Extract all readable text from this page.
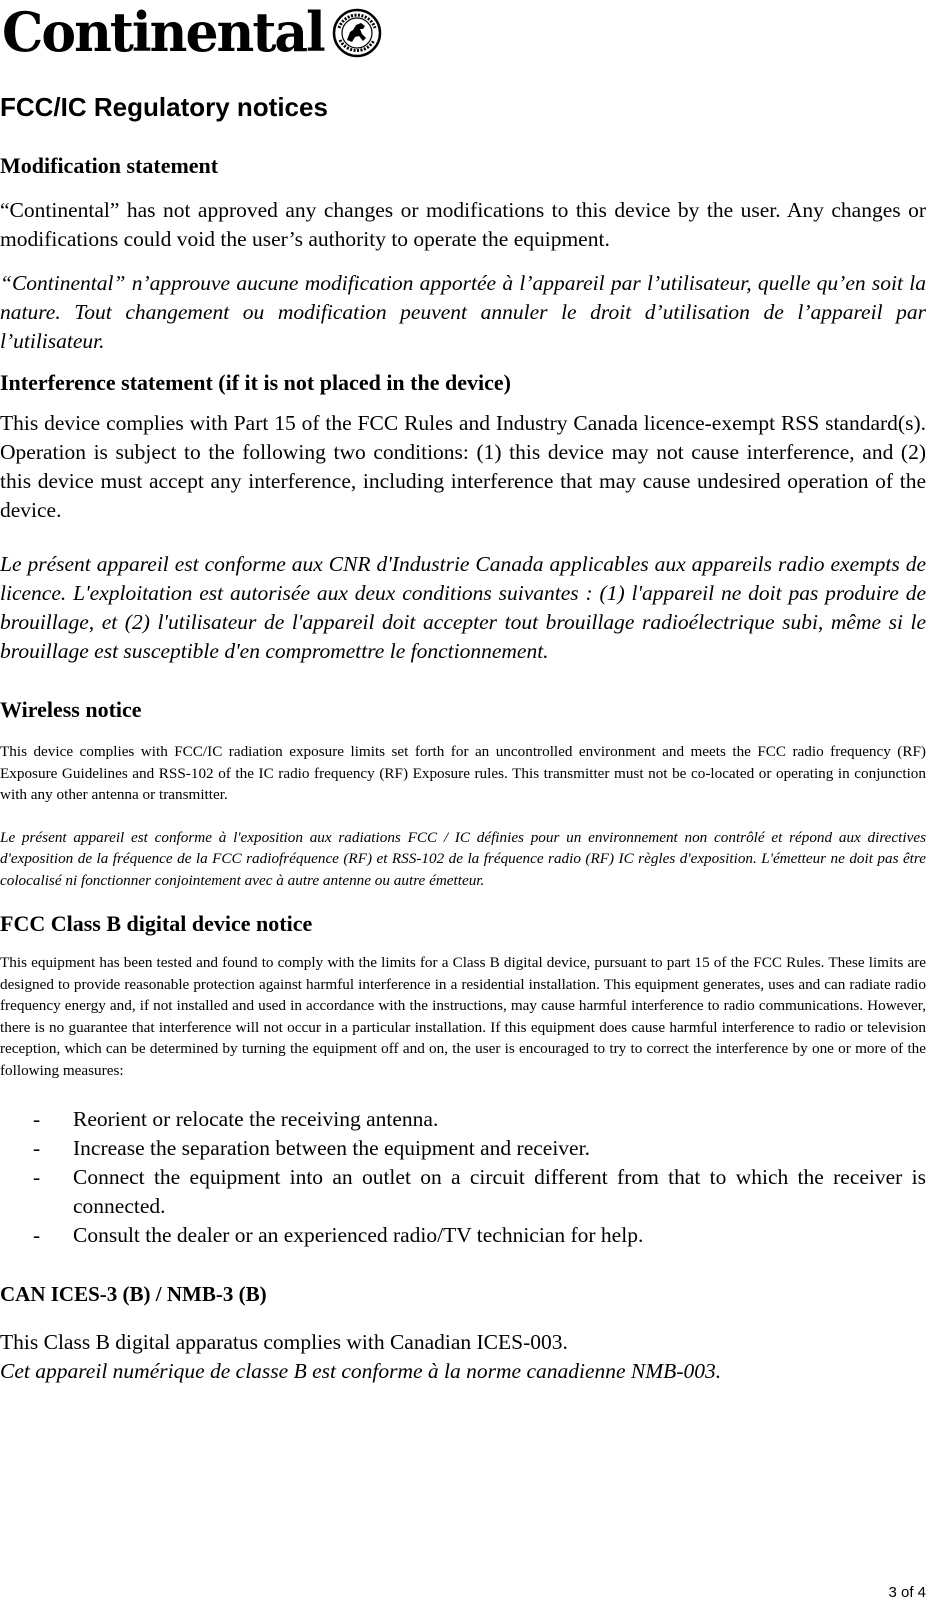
Continental
FCC/IC Regulatory notices
Modification statement

“Continental” has not approved any changes or modifications to this device by the user. Any changes or modifications could void the user’s authority to operate the equipment.

“Continental” n’approuve aucune modification apportée à l’appareil par l’utilisateur, quelle qu’en soit la nature. Tout changement ou modification peuvent annuler le droit d’utilisation de l’appareil par l’utilisateur.

Interference statement (if it is not placed in the device)

This device complies with Part 15 of the FCC Rules and Industry Canada licence-exempt RSS standard(s). Operation is subject to the following two conditions: (1) this device may not cause interference, and (2) this device must accept any interference, including interference that may cause undesired operation of the device.

Le présent appareil est conforme aux CNR d'Industrie Canada applicables aux appareils radio exempts de licence. L'exploitation est autorisée aux deux conditions suivantes : (1) l'appareil ne doit pas produire de brouillage, et (2) l'utilisateur de l'appareil doit accepter tout brouillage radioélectrique subi, même si le brouillage est susceptible d'en compromettre le fonctionnement.

Wireless notice

This device complies with FCC/IC radiation exposure limits set forth for an uncontrolled environment and meets the FCC radio frequency (RF) Exposure Guidelines and RSS-102 of the IC radio frequency (RF) Exposure rules. This transmitter must not be co-located or operating in conjunction with any other antenna or transmitter.

Le présent appareil est conforme à l'exposition aux radiations FCC / IC définies pour un environnement non contrôlé et répond aux directives d'exposition de la fréquence de la FCC radiofréquence (RF) et RSS-102 de la fréquence radio (RF) IC règles d'exposition. L'émetteur ne doit pas être colocalisé ni fonctionner conjointement avec à autre antenne ou autre émetteur.

FCC Class B digital device notice

This equipment has been tested and found to comply with the limits for a Class B digital device, pursuant to part 15 of the FCC Rules. These limits are designed to provide reasonable protection against harmful interference in a residential installation. This equipment generates, uses and can radiate radio frequency energy and, if not installed and used in accordance with the instructions, may cause harmful interference to radio communications. However, there is no guarantee that interference will not occur in a particular installation. If this equipment does cause harmful interference to radio or television reception, which can be determined by turning the equipment off and on, the user is encouraged to try to correct the interference by one or more of the following measures:

- Reorient or relocate the receiving antenna.
- Increase the separation between the equipment and receiver.
- Connect the equipment into an outlet on a circuit different from that to which the receiver is connected.
- Consult the dealer or an experienced radio/TV technician for help.
CAN ICES-3 (B) / NMB-3 (B)

This Class B digital apparatus complies with Canadian ICES-003.

Cet appareil numérique de classe B est conforme à la norme canadienne NMB-003.

3 of 4
